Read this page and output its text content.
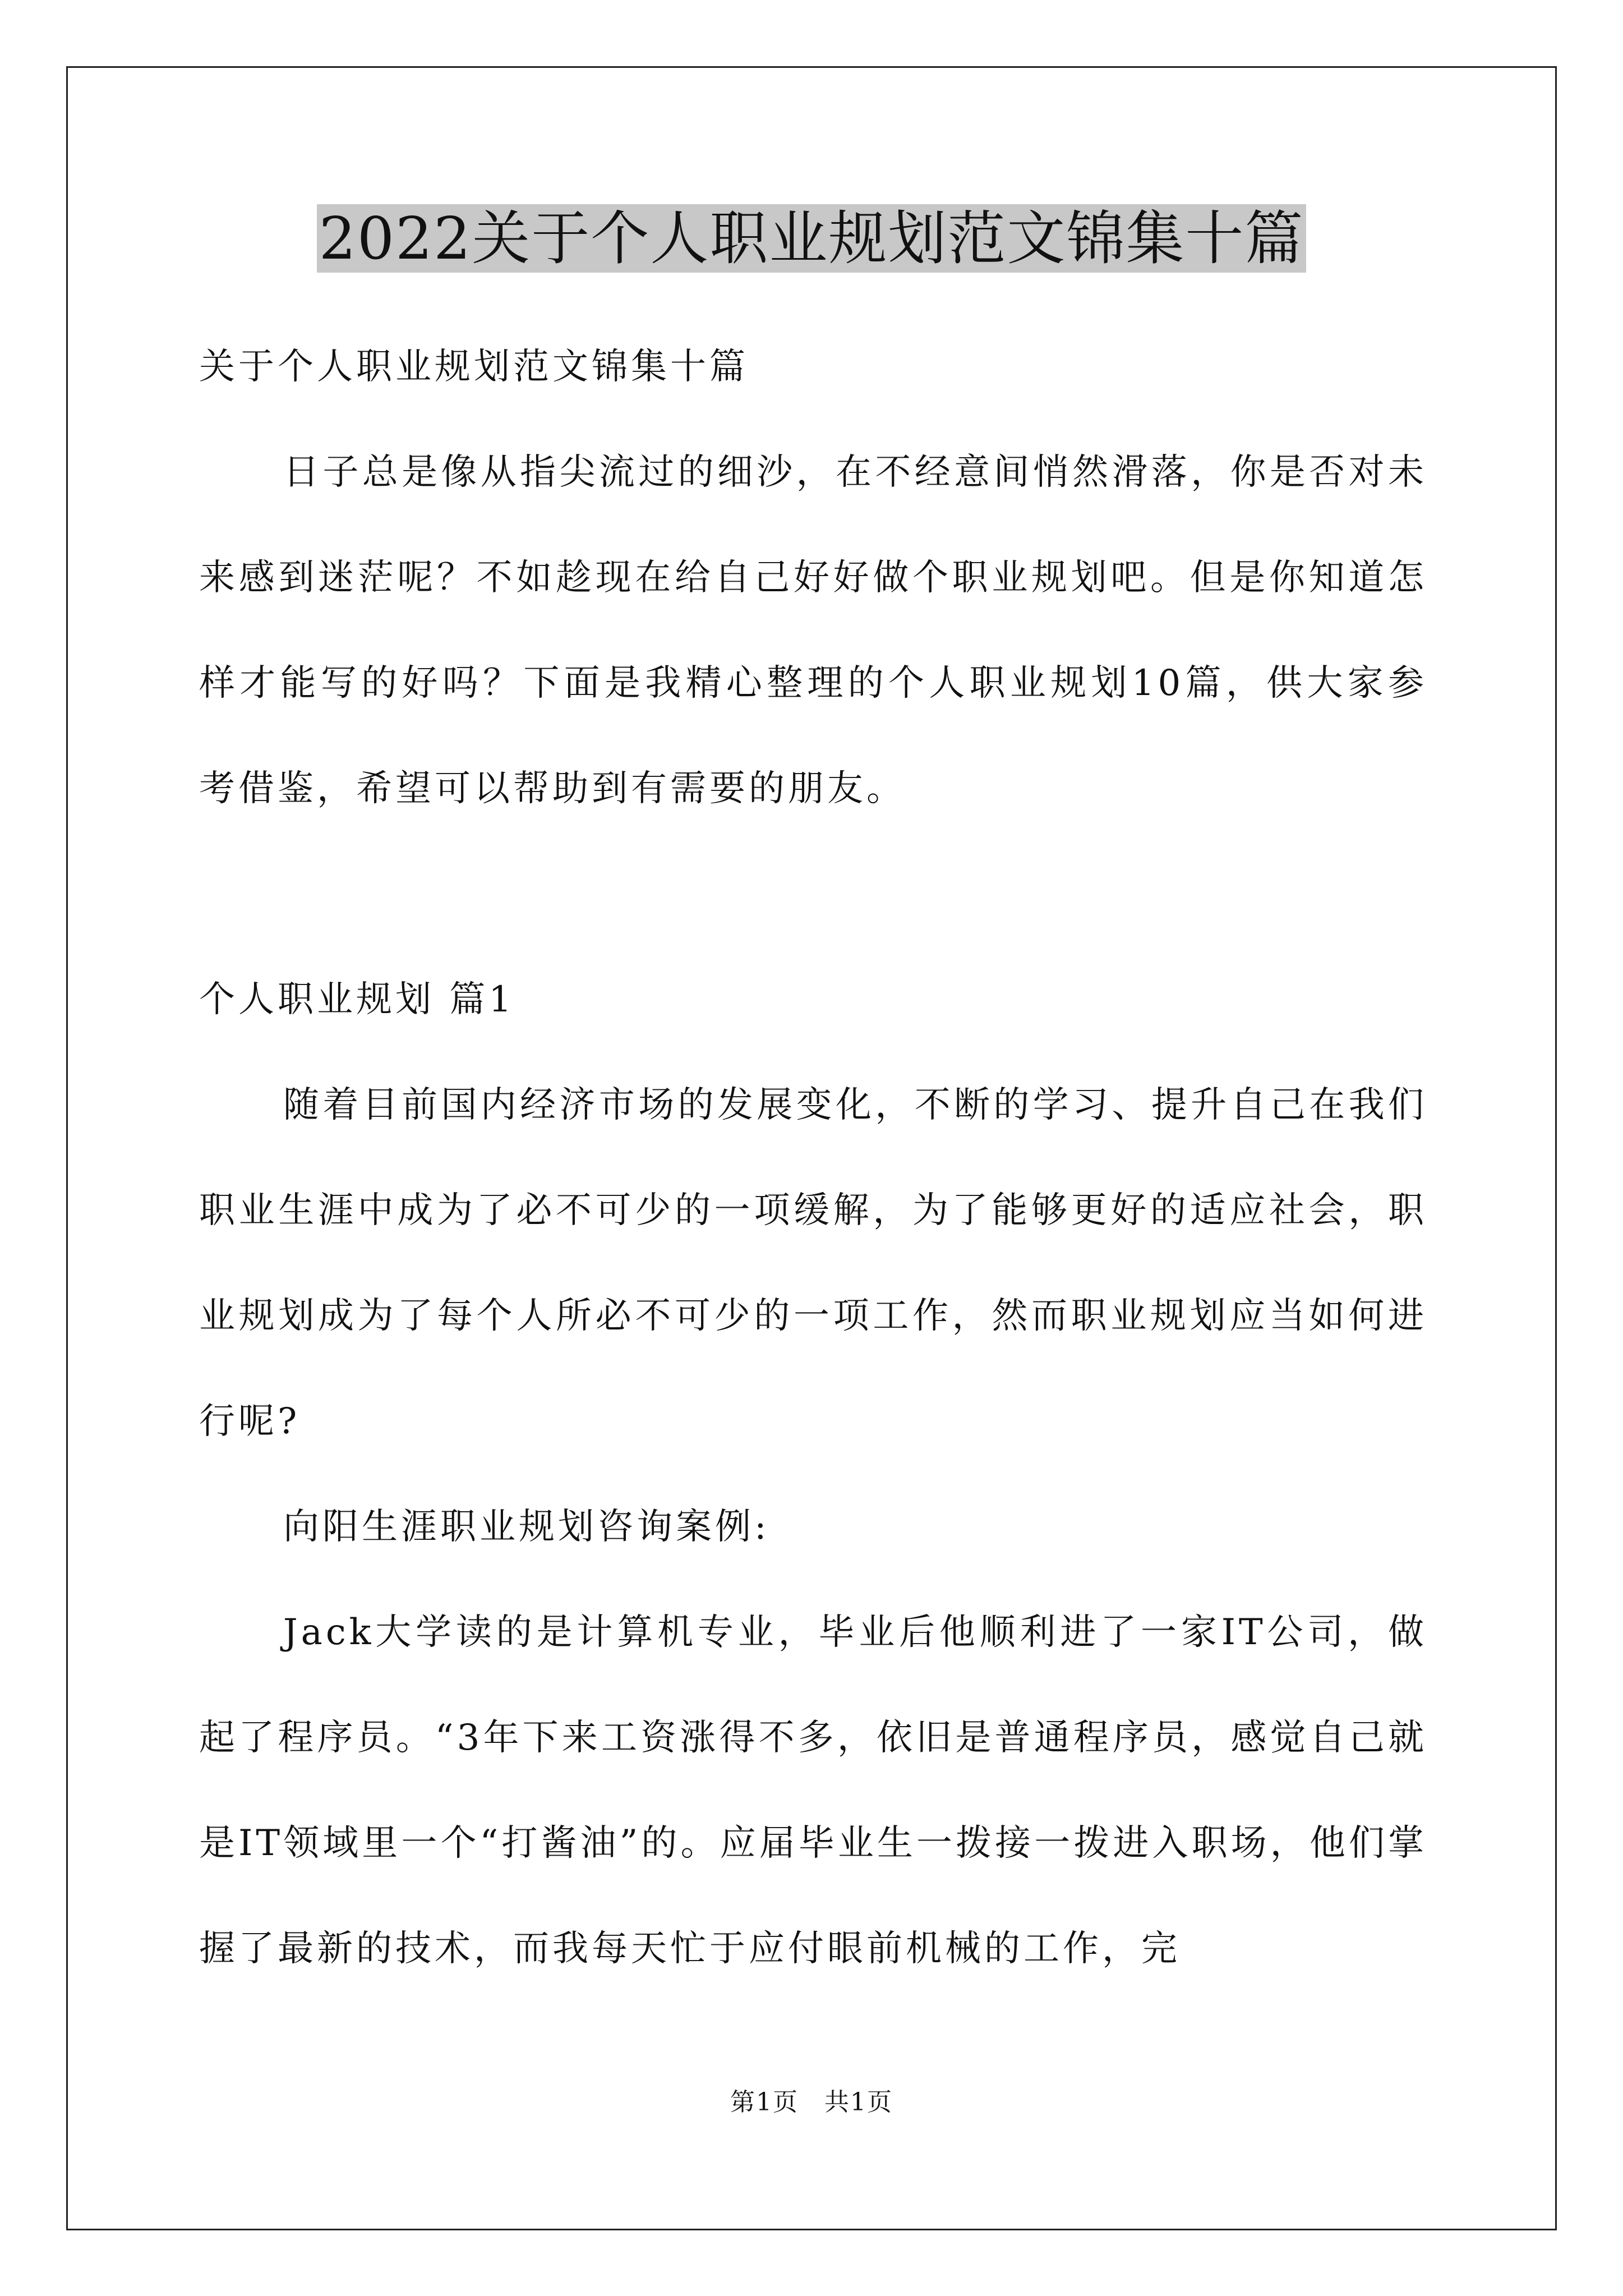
2022关于个人职业规划范文锦集十篇

关于个人职业规划范文锦集十篇

日子总是像从指尖流过的细沙，在不经意间悄然滑落，你是否对未来感到迷茫呢？不如趁现在给自己好好做个职业规划吧。但是你知道怎样才能写的好吗？下面是我精心整理的个人职业规划10篇，供大家参考借鉴，希望可以帮助到有需要的朋友。

个人职业规划 篇1

随着目前国内经济市场的发展变化，不断的学习、提升自己在我们职业生涯中成为了必不可少的一项缓解，为了能够更好的适应社会，职业规划成为了每个人所必不可少的一项工作，然而职业规划应当如何进行呢?

向阳生涯职业规划咨询案例:

Jack大学读的是计算机专业，毕业后他顺利进了一家IT公司，做起了程序员。“3年下来工资涨得不多，依旧是普通程序员，感觉自己就是IT领域里一个“打酱油”的。应届毕业生一拨接一拨进入职场，他们掌握了最新的技术，而我每天忙于应付眼前机械的工作，完

第1页　共1页
